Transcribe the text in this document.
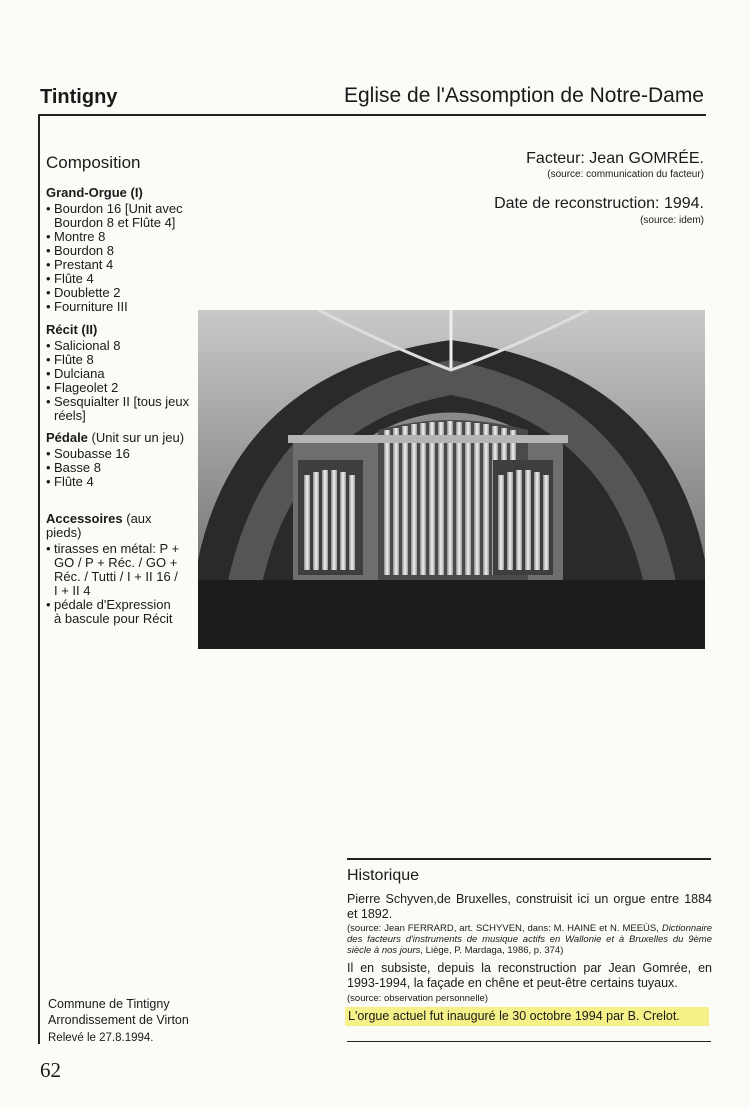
Tintigny	Eglise de l'Assomption de Notre-Dame
Composition
Grand-Orgue (I)
• Bourdon 16 [Unit avec Bourdon 8 et Flûte 4]
• Montre 8
• Bourdon 8
• Prestant 4
• Flûte 4
• Doublette 2
• Fourniture III
Récit (II)
• Salicional 8
• Flûte 8
• Dulciana
• Flageolet 2
• Sesquialter II [tous jeux réels]
Pédale (Unit sur un jeu)
• Soubasse 16
• Basse 8
• Flûte 4
Accessoires (aux pieds)
• tirasses en métal: P + GO / P + Réc. / GO + Réc. / Tutti / I + II 16 / I + II 4
• pédale d'Expression à bascule pour Récit
Facteur: Jean GOMRÉE.
(source: communication du facteur)
Date de reconstruction: 1994.
(source: idem)
Historique
Pierre Schyven,de Bruxelles, construisit ici un orgue entre 1884 et 1892.
(source: Jean FERRARD, art. SCHYVEN, dans: M. HAINE et N. MEEÙS, Dictionnaire des facteurs d'instruments de musique actifs en Wallonie et à Bruxelles du 9ème siècle à nos jours, Liège, P. Mardaga, 1986, p. 374)
Il en subsiste, depuis la reconstruction par Jean Gomrée, en 1993-1994, la façade en chêne et peut-être certains tuyaux.
(source: observation personnelle)
L'orgue actuel fut inauguré le 30 octobre 1994 par B. Crelot.
Commune de Tintigny
Arrondissement de Virton
Relevé le 27.8.1994.
62
